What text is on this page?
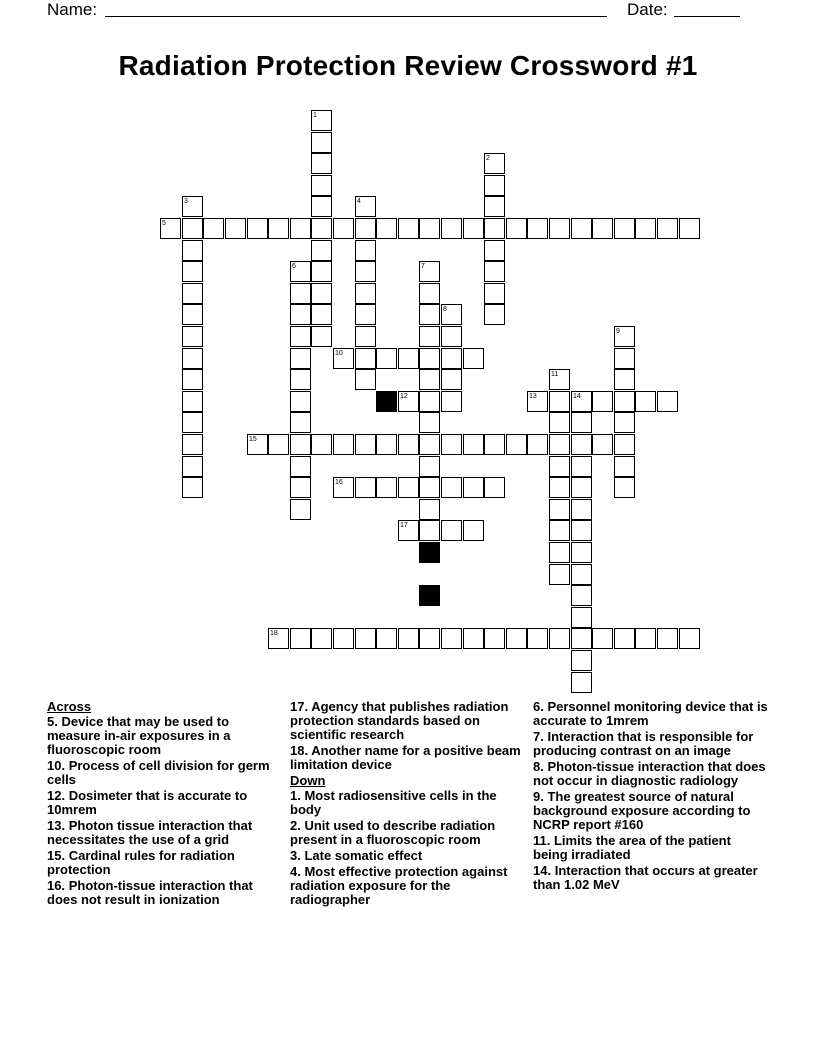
Name:	Date:
Radiation Protection Review Crossword #1
1
2
3	4
5
6	7
8
9
10
11
12	13	14
15
16
17
18
Across
5. Device that may be used to measure in-air exposures in a fluoroscopic room
10. Process of cell division for germ cells
12. Dosimeter that is accurate to 10mrem
13. Photon tissue interaction that necessitates the use of a grid
15. Cardinal rules for radiation protection
16. Photon-tissue interaction that does not result in ionization
17. Agency that publishes radiation protection standards based on scientific research
18. Another name for a positive beam limitation device
Down
1. Most radiosensitive cells in the body
2. Unit used to describe radiation present in a fluoroscopic room
3. Late somatic effect
4. Most effective protection against radiation exposure for the radiographer
6. Personnel monitoring device that is accurate to 1mrem
7. Interaction that is responsible for producing contrast on an image
8. Photon-tissue interaction that does not occur in diagnostic radiology
9. The greatest source of natural background exposure according to NCRP report #160
11. Limits the area of the patient being irradiated
14. Interaction that occurs at greater than 1.02 MeV
